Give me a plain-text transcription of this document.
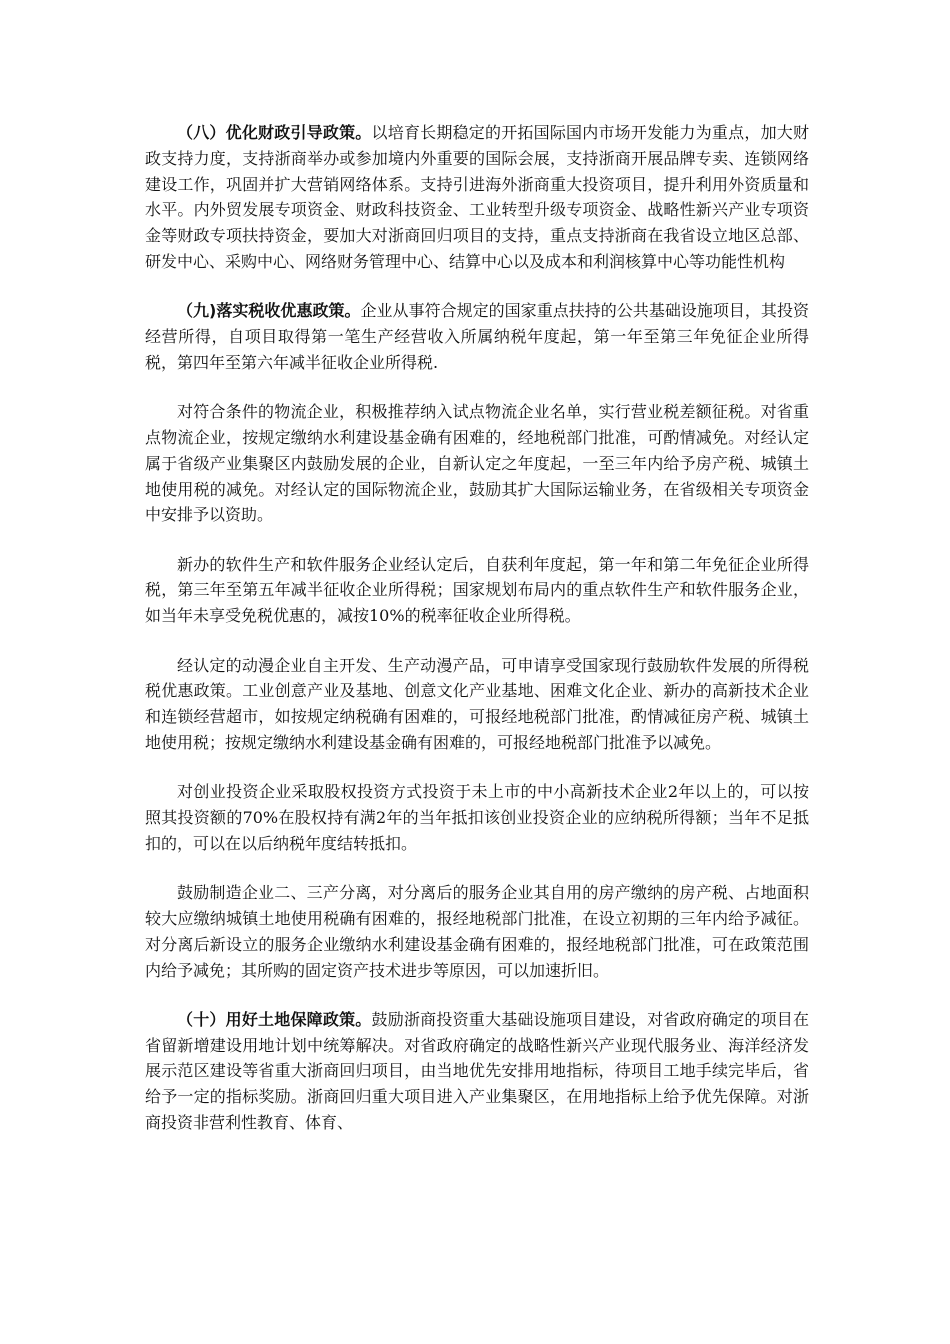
（八）优化财政引导政策。以培育长期稳定的开拓国际国内市场开发能力为重点，加大财政支持力度，支持浙商举办或参加境内外重要的国际会展，支持浙商开展品牌专卖、连锁网络建设工作，巩固并扩大营销网络体系。支持引进海外浙商重大投资项目，提升利用外资质量和水平。内外贸发展专项资金、财政科技资金、工业转型升级专项资金、战略性新兴产业专项资金等财政专项扶持资金，要加大对浙商回归项目的支持，重点支持浙商在我省设立地区总部、研发中心、采购中心、网络财务管理中心、结算中心以及成本和利润核算中心等功能性机构

（九)落实税收优惠政策。企业从事符合规定的国家重点扶持的公共基础设施项目，其投资经营所得，自项目取得第一笔生产经营收入所属纳税年度起，第一年至第三年免征企业所得税，第四年至第六年减半征收企业所得税.

对符合条件的物流企业，积极推荐纳入试点物流企业名单，实行营业税差额征税。对省重点物流企业，按规定缴纳水利建设基金确有困难的，经地税部门批准，可酌情减免。对经认定属于省级产业集聚区内鼓励发展的企业，自新认定之年度起，一至三年内给予房产税、城镇土地使用税的减免。对经认定的国际物流企业，鼓励其扩大国际运输业务，在省级相关专项资金中安排予以资助。

新办的软件生产和软件服务企业经认定后，自获利年度起，第一年和第二年免征企业所得税，第三年至第五年减半征收企业所得税；国家规划布局内的重点软件生产和软件服务企业，如当年未享受免税优惠的，减按10%的税率征收企业所得税。

经认定的动漫企业自主开发、生产动漫产品，可申请享受国家现行鼓励软件发展的所得税税优惠政策。工业创意产业及基地、创意文化产业基地、困难文化企业、新办的高新技术企业和连锁经营超市，如按规定纳税确有困难的，可报经地税部门批准，酌情减征房产税、城镇土地使用税；按规定缴纳水利建设基金确有困难的，可报经地税部门批准予以减免。

对创业投资企业采取股权投资方式投资于未上市的中小高新技术企业2年以上的，可以按照其投资额的70%在股权持有满2年的当年抵扣该创业投资企业的应纳税所得额；当年不足抵扣的，可以在以后纳税年度结转抵扣。

鼓励制造企业二、三产分离，对分离后的服务企业其自用的房产缴纳的房产税、占地面积较大应缴纳城镇土地使用税确有困难的，报经地税部门批准，在设立初期的三年内给予减征。对分离后新设立的服务企业缴纳水利建设基金确有困难的，报经地税部门批准，可在政策范围内给予减免；其所购的固定资产技术进步等原因，可以加速折旧。

（十）用好土地保障政策。鼓励浙商投资重大基础设施项目建设，对省政府确定的项目在省留新增建设用地计划中统筹解决。对省政府确定的战略性新兴产业现代服务业、海洋经济发展示范区建设等省重大浙商回归项目，由当地优先安排用地指标，待项目工地手续完毕后，省给予一定的指标奖励。浙商回归重大项目进入产业集聚区，在用地指标上给予优先保障。对浙商投资非营利性教育、体育、
